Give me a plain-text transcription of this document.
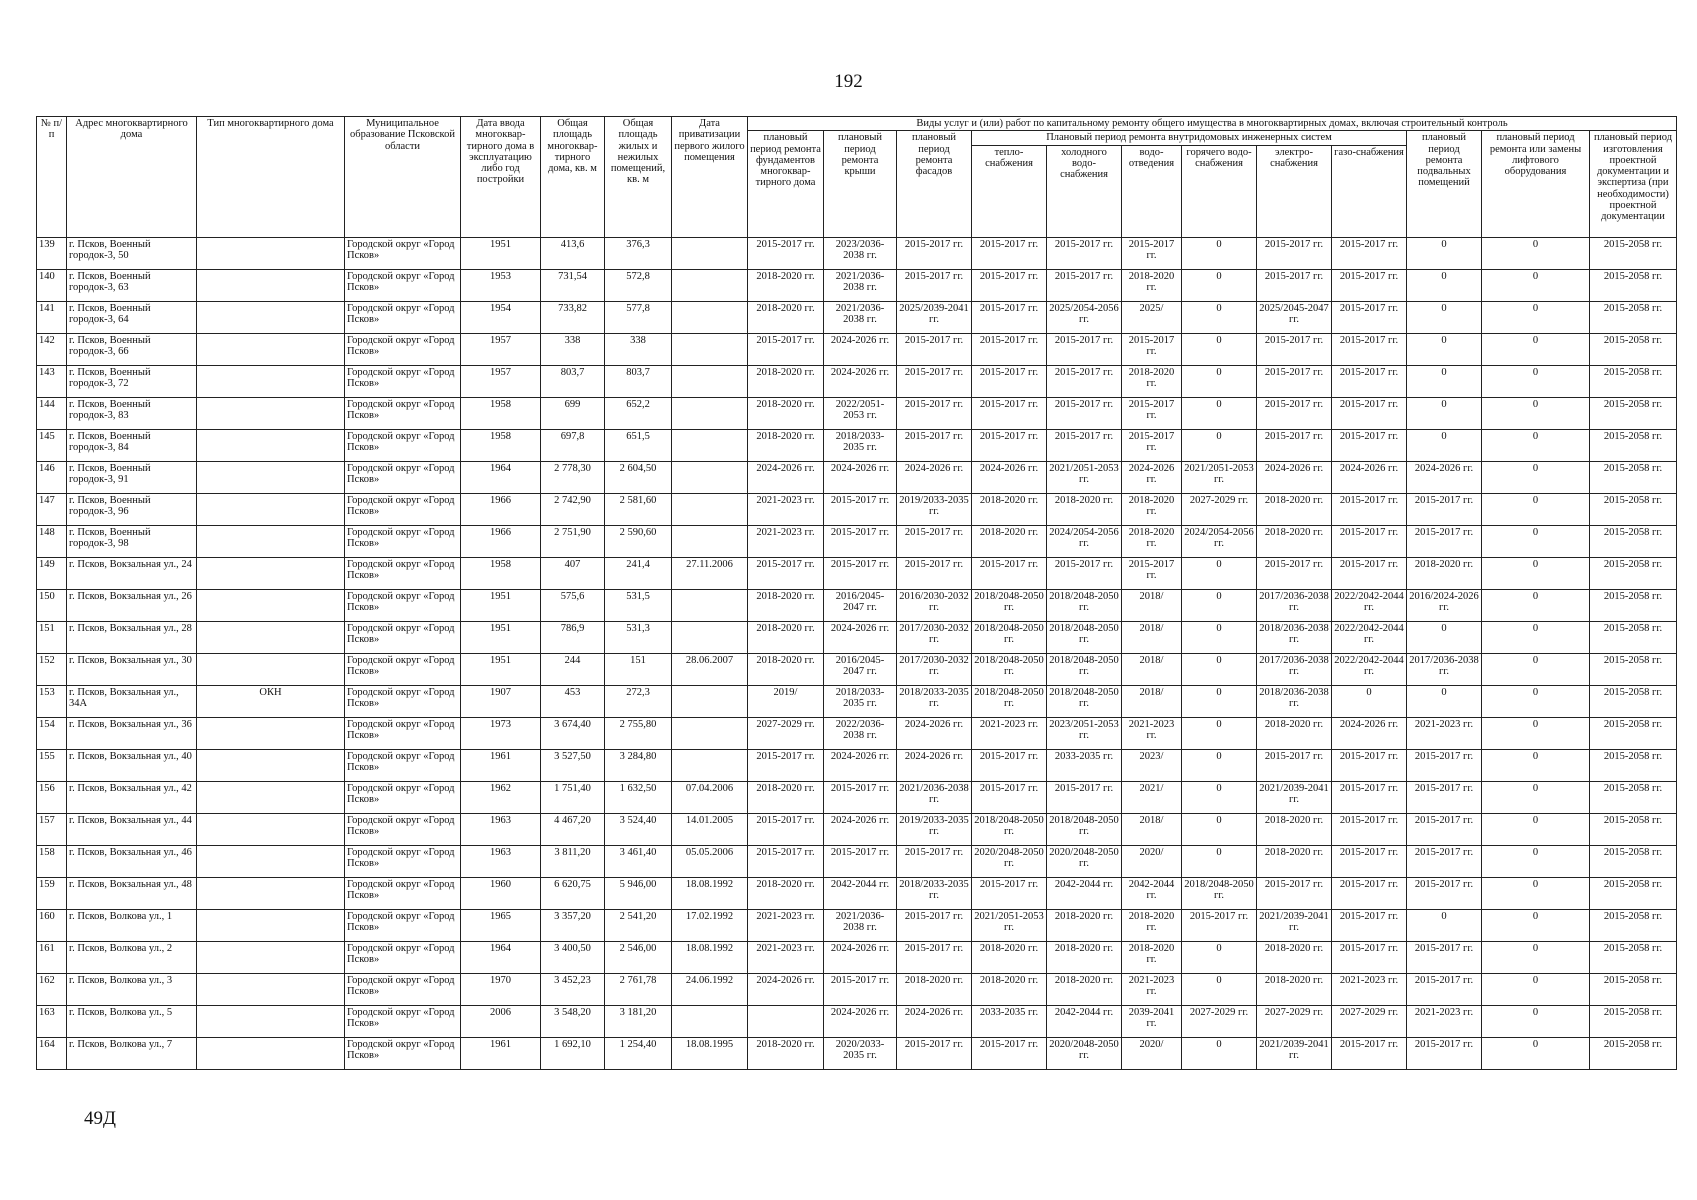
192
№ п/п	Адрес многоквартирного дома	Тип многоквартирного дома	Муниципальное образование Псковской области	Дата ввода многоквар-тирного дома в эксплуатацию либо год постройки	Общая площадь многоквар-тирного дома, кв. м	Общая площадь жилых и нежилых помещений, кв. м	Дата приватизации первого жилого помещения	Виды услуг и (или) работ по капитальному ремонту общего имущества в многоквартирных домах, включая строительный контроль											
								плановый период ремонта фундаментов многоквар-тирного дома	плановый период ремонта крыши	плановый период ремонта фасадов	Плановый период ремонта внутридомовых инженерных систем						плановый период ремонта подвальных помещений	плановый период ремонта или замены лифтового оборудования	плановый период изготовления проектной документации и экспертиза (при необходимости) проектной документации
											тепло-снабжения	холодного водо-снабжения	водо-отведения	горячего водо-снабжения	электро-снабжения	газо-снабжения			
139	г. Псков, Военный городок-3, 50		Городской округ «Город Псков»	1951	413,6	376,3		2015-2017 гг.	2023/2036-2038 гг.	2015-2017 гг.	2015-2017 гг.	2015-2017 гг.	2015-2017 гг.	0	2015-2017 гг.	2015-2017 гг.	0	0	2015-2058 гг.
140	г. Псков, Военный городок-3, 63		Городской округ «Город Псков»	1953	731,54	572,8		2018-2020 гг.	2021/2036-2038 гг.	2015-2017 гг.	2015-2017 гг.	2015-2017 гг.	2018-2020 гг.	0	2015-2017 гг.	2015-2017 гг.	0	0	2015-2058 гг.
141	г. Псков, Военный городок-3, 64		Городской округ «Город Псков»	1954	733,82	577,8		2018-2020 гг.	2021/2036-2038 гг.	2025/2039-2041 гг.	2015-2017 гг.	2025/2054-2056 гг.	2025/	0	2025/2045-2047 гг.	2015-2017 гг.	0	0	2015-2058 гг.
142	г. Псков, Военный городок-3, 66		Городской округ «Город Псков»	1957	338	338		2015-2017 гг.	2024-2026 гг.	2015-2017 гг.	2015-2017 гг.	2015-2017 гг.	2015-2017 гг.	0	2015-2017 гг.	2015-2017 гг.	0	0	2015-2058 гг.
143	г. Псков, Военный городок-3, 72		Городской округ «Город Псков»	1957	803,7	803,7		2018-2020 гг.	2024-2026 гг.	2015-2017 гг.	2015-2017 гг.	2015-2017 гг.	2018-2020 гг.	0	2015-2017 гг.	2015-2017 гг.	0	0	2015-2058 гг.
144	г. Псков, Военный городок-3, 83		Городской округ «Город Псков»	1958	699	652,2		2018-2020 гг.	2022/2051-2053 гг.	2015-2017 гг.	2015-2017 гг.	2015-2017 гг.	2015-2017 гг.	0	2015-2017 гг.	2015-2017 гг.	0	0	2015-2058 гг.
145	г. Псков, Военный городок-3, 84		Городской округ «Город Псков»	1958	697,8	651,5		2018-2020 гг.	2018/2033-2035 гг.	2015-2017 гг.	2015-2017 гг.	2015-2017 гг.	2015-2017 гг.	0	2015-2017 гг.	2015-2017 гг.	0	0	2015-2058 гг.
146	г. Псков, Военный городок-3, 91		Городской округ «Город Псков»	1964	2 778,30	2 604,50		2024-2026 гг.	2024-2026 гг.	2024-2026 гг.	2024-2026 гг.	2021/2051-2053 гг.	2024-2026 гг.	2021/2051-2053 гг.	2024-2026 гг.	2024-2026 гг.	2024-2026 гг.	0	2015-2058 гг.
147	г. Псков, Военный городок-3, 96		Городской округ «Город Псков»	1966	2 742,90	2 581,60		2021-2023 гг.	2015-2017 гг.	2019/2033-2035 гг.	2018-2020 гг.	2018-2020 гг.	2018-2020 гг.	2027-2029 гг.	2018-2020 гг.	2015-2017 гг.	2015-2017 гг.	0	2015-2058 гг.
148	г. Псков, Военный городок-3, 98		Городской округ «Город Псков»	1966	2 751,90	2 590,60		2021-2023 гг.	2015-2017 гг.	2015-2017 гг.	2018-2020 гг.	2024/2054-2056 гг.	2018-2020 гг.	2024/2054-2056 гг.	2018-2020 гг.	2015-2017 гг.	2015-2017 гг.	0	2015-2058 гг.
149	г. Псков, Вокзальная ул., 24		Городской округ «Город Псков»	1958	407	241,4	27.11.2006	2015-2017 гг.	2015-2017 гг.	2015-2017 гг.	2015-2017 гг.	2015-2017 гг.	2015-2017 гг.	0	2015-2017 гг.	2015-2017 гг.	2018-2020 гг.	0	2015-2058 гг.
150	г. Псков, Вокзальная ул., 26		Городской округ «Город Псков»	1951	575,6	531,5		2018-2020 гг.	2016/2045-2047 гг.	2016/2030-2032 гг.	2018/2048-2050 гг.	2018/2048-2050 гг.	2018/	0	2017/2036-2038 гг.	2022/2042-2044 гг.	2016/2024-2026 гг.	0	2015-2058 гг.
151	г. Псков, Вокзальная ул., 28		Городской округ «Город Псков»	1951	786,9	531,3		2018-2020 гг.	2024-2026 гг.	2017/2030-2032 гг.	2018/2048-2050 гг.	2018/2048-2050 гг.	2018/	0	2018/2036-2038 гг.	2022/2042-2044 гг.	0	0	2015-2058 гг.
152	г. Псков, Вокзальная ул., 30		Городской округ «Город Псков»	1951	244	151	28.06.2007	2018-2020 гг.	2016/2045-2047 гг.	2017/2030-2032 гг.	2018/2048-2050 гг.	2018/2048-2050 гг.	2018/	0	2017/2036-2038 гг.	2022/2042-2044 гг.	2017/2036-2038 гг.	0	2015-2058 гг.
153	г. Псков, Вокзальная ул., 34А	ОКН	Городской округ «Город Псков»	1907	453	272,3		2019/	2018/2033-2035 гг.	2018/2033-2035 гг.	2018/2048-2050 гг.	2018/2048-2050 гг.	2018/	0	2018/2036-2038 гг.	0	0	0	2015-2058 гг.
154	г. Псков, Вокзальная ул., 36		Городской округ «Город Псков»	1973	3 674,40	2 755,80		2027-2029 гг.	2022/2036-2038 гг.	2024-2026 гг.	2021-2023 гг.	2023/2051-2053 гг.	2021-2023 гг.	0	2018-2020 гг.	2024-2026 гг.	2021-2023 гг.	0	2015-2058 гг.
155	г. Псков, Вокзальная ул., 40		Городской округ «Город Псков»	1961	3 527,50	3 284,80		2015-2017 гг.	2024-2026 гг.	2024-2026 гг.	2015-2017 гг.	2033-2035 гг.	2023/	0	2015-2017 гг.	2015-2017 гг.	2015-2017 гг.	0	2015-2058 гг.
156	г. Псков, Вокзальная ул., 42		Городской округ «Город Псков»	1962	1 751,40	1 632,50	07.04.2006	2018-2020 гг.	2015-2017 гг.	2021/2036-2038 гг.	2015-2017 гг.	2015-2017 гг.	2021/	0	2021/2039-2041 гг.	2015-2017 гг.	2015-2017 гг.	0	2015-2058 гг.
157	г. Псков, Вокзальная ул., 44		Городской округ «Город Псков»	1963	4 467,20	3 524,40	14.01.2005	2015-2017 гг.	2024-2026 гг.	2019/2033-2035 гг.	2018/2048-2050 гг.	2018/2048-2050 гг.	2018/	0	2018-2020 гг.	2015-2017 гг.	2015-2017 гг.	0	2015-2058 гг.
158	г. Псков, Вокзальная ул., 46		Городской округ «Город Псков»	1963	3 811,20	3 461,40	05.05.2006	2015-2017 гг.	2015-2017 гг.	2015-2017 гг.	2020/2048-2050 гг.	2020/2048-2050 гг.	2020/	0	2018-2020 гг.	2015-2017 гг.	2015-2017 гг.	0	2015-2058 гг.
159	г. Псков, Вокзальная ул., 48		Городской округ «Город Псков»	1960	6 620,75	5 946,00	18.08.1992	2018-2020 гг.	2042-2044 гг.	2018/2033-2035 гг.	2015-2017 гг.	2042-2044 гг.	2042-2044 гг.	2018/2048-2050 гг.	2015-2017 гг.	2015-2017 гг.	2015-2017 гг.	0	2015-2058 гг.
160	г. Псков, Волкова ул., 1		Городской округ «Город Псков»	1965	3 357,20	2 541,20	17.02.1992	2021-2023 гг.	2021/2036-2038 гг.	2015-2017 гг.	2021/2051-2053 гг.	2018-2020 гг.	2018-2020 гг.	2015-2017 гг.	2021/2039-2041 гг.	2015-2017 гг.	0	0	2015-2058 гг.
161	г. Псков, Волкова ул., 2		Городской округ «Город Псков»	1964	3 400,50	2 546,00	18.08.1992	2021-2023 гг.	2024-2026 гг.	2015-2017 гг.	2018-2020 гг.	2018-2020 гг.	2018-2020 гг.	0	2018-2020 гг.	2015-2017 гг.	2015-2017 гг.	0	2015-2058 гг.
162	г. Псков, Волкова ул., 3		Городской округ «Город Псков»	1970	3 452,23	2 761,78	24.06.1992	2024-2026 гг.	2015-2017 гг.	2018-2020 гг.	2018-2020 гг.	2018-2020 гг.	2021-2023 гг.	0	2018-2020 гг.	2021-2023 гг.	2015-2017 гг.	0	2015-2058 гг.
163	г. Псков, Волкова ул., 5		Городской округ «Город Псков»	2006	3 548,20	3 181,20			2024-2026 гг.	2024-2026 гг.	2033-2035 гг.	2042-2044 гг.	2039-2041 гг.	2027-2029 гг.	2027-2029 гг.	2027-2029 гг.	2021-2023 гг.	0	2015-2058 гг.
164	г. Псков, Волкова ул., 7		Городской округ «Город Псков»	1961	1 692,10	1 254,40	18.08.1995	2018-2020 гг.	2020/2033-2035 гг.	2015-2017 гг.	2015-2017 гг.	2020/2048-2050 гг.	2020/	0	2021/2039-2041 гг.	2015-2017 гг.	2015-2017 гг.	0	2015-2058 гг.
49Д
